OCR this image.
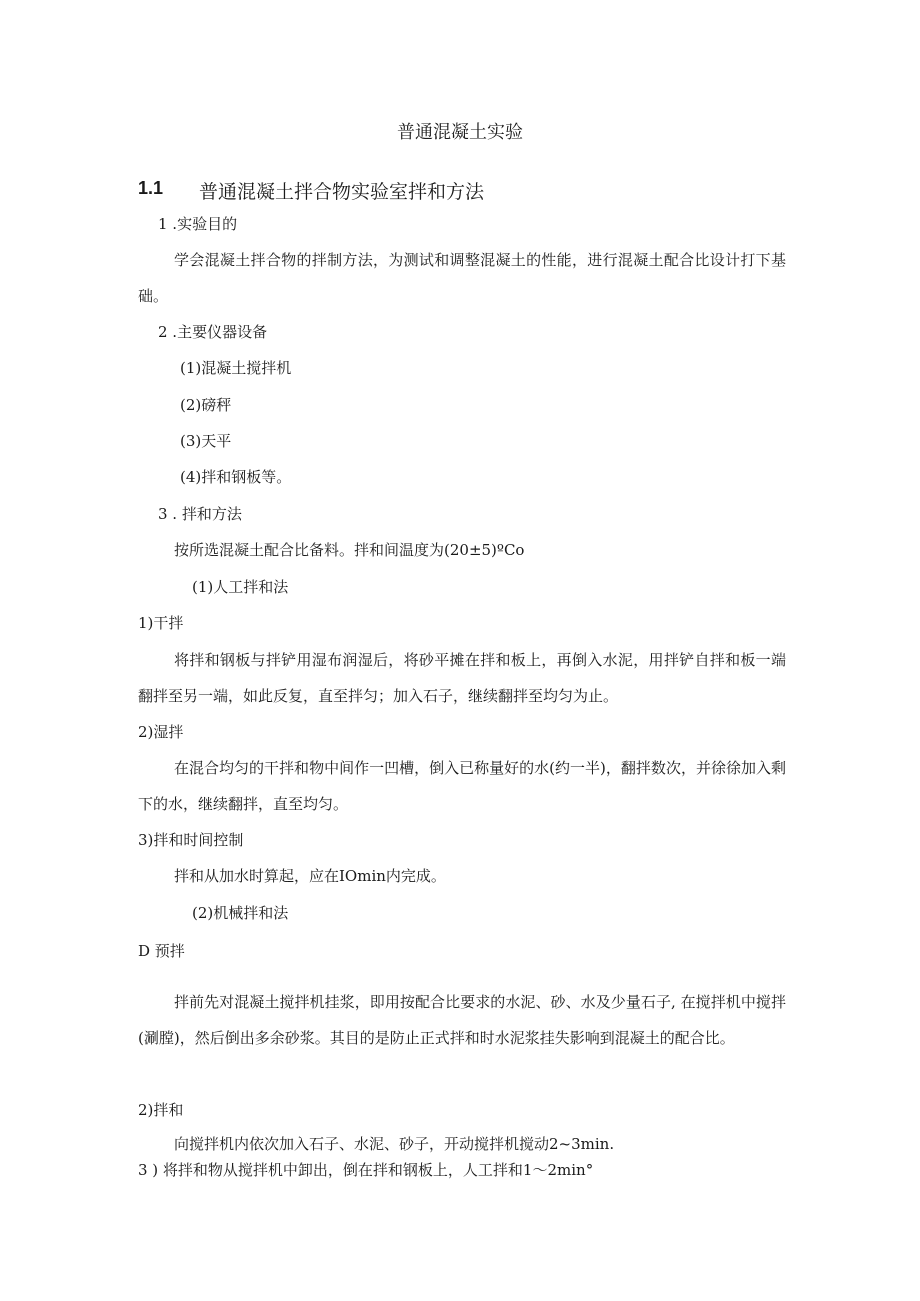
普通混凝土实验
1.1 普通混凝土拌合物实验室拌和方法
1 .实验目的

学会混凝土拌合物的拌制方法，为测试和调整混凝土的性能，进行混凝土配合比设计打下基础。

2 .主要仪器设备
(1)混凝土搅拌机
(2)磅秤
(3)天平
(4)拌和钢板等。
3 . 拌和方法
按所选混凝土配合比备料。拌和间温度为(20±5)ºCo
(1)人工拌和法
1)干拌

将拌和钢板与拌铲用湿布润湿后，将砂平摊在拌和板上，再倒入水泥，用拌铲自拌和板一端翻拌至另一端，如此反复，直至拌匀；加入石子，继续翻拌至均匀为止。

2)湿拌

在混合均匀的干拌和物中间作一凹槽，倒入已称量好的水(约一半)，翻拌数次，并徐徐加入剩下的水，继续翻拌，直至均匀。

3)拌和时间控制
拌和从加水时算起，应在IOmin内完成。
(2)机械拌和法
D 预拌

拌前先对混凝土搅拌机挂浆，即用按配合比要求的水泥、砂、水及少量石子, 在搅拌机中搅拌(涮膛)，然后倒出多余砂浆。其目的是防止正式拌和时水泥浆挂失影响到混凝土的配合比。

2)拌和
向搅拌机内依次加入石子、水泥、砂子，开动搅拌机搅动2~3min.
3 ) 将拌和物从搅拌机中卸出，倒在拌和钢板上，人工拌和1～2min°
